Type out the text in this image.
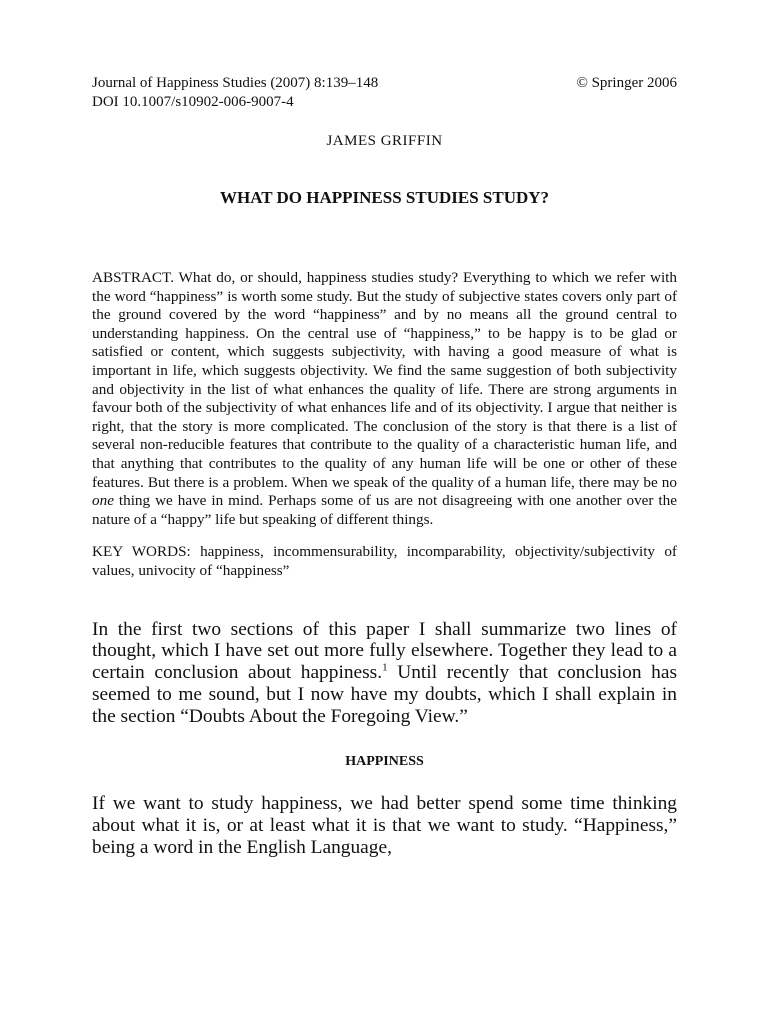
Journal of Happiness Studies (2007) 8:139–148	© Springer 2006
DOI 10.1007/s10902-006-9007-4
JAMES GRIFFIN
WHAT DO HAPPINESS STUDIES STUDY?

ABSTRACT. What do, or should, happiness studies study? Everything to which we refer with the word “happiness” is worth some study. But the study of subjective states covers only part of the ground covered by the word “happiness” and by no means all the ground central to understanding happiness. On the central use of “happiness,” to be happy is to be glad or satisfied or content, which suggests subjectivity, with having a good measure of what is important in life, which suggests objectivity. We find the same suggestion of both subjectivity and objectivity in the list of what enhances the quality of life. There are strong arguments in favour both of the subjectivity of what enhances life and of its objectivity. I argue that neither is right, that the story is more complicated. The conclusion of the story is that there is a list of several non-reducible features that contribute to the quality of a characteristic human life, and that anything that contributes to the quality of any human life will be one or other of these features. But there is a problem. When we speak of the quality of a human life, there may be no one thing we have in mind. Perhaps some of us are not disagreeing with one another over the nature of a “happy” life but speaking of different things.

KEY WORDS: happiness, incommensurability, incomparability, objectivity/subjectivity of values, univocity of “happiness”

In the first two sections of this paper I shall summarize two lines of thought, which I have set out more fully elsewhere. Together they lead to a certain conclusion about happiness.$^1$ Until recently that conclusion has seemed to me sound, but I now have my doubts, which I shall explain in the section “Doubts About the Foregoing View.”

HAPPINESS

If we want to study happiness, we had better spend some time thinking about what it is, or at least what it is that we want to study. “Happiness,” being a word in the English Language,
